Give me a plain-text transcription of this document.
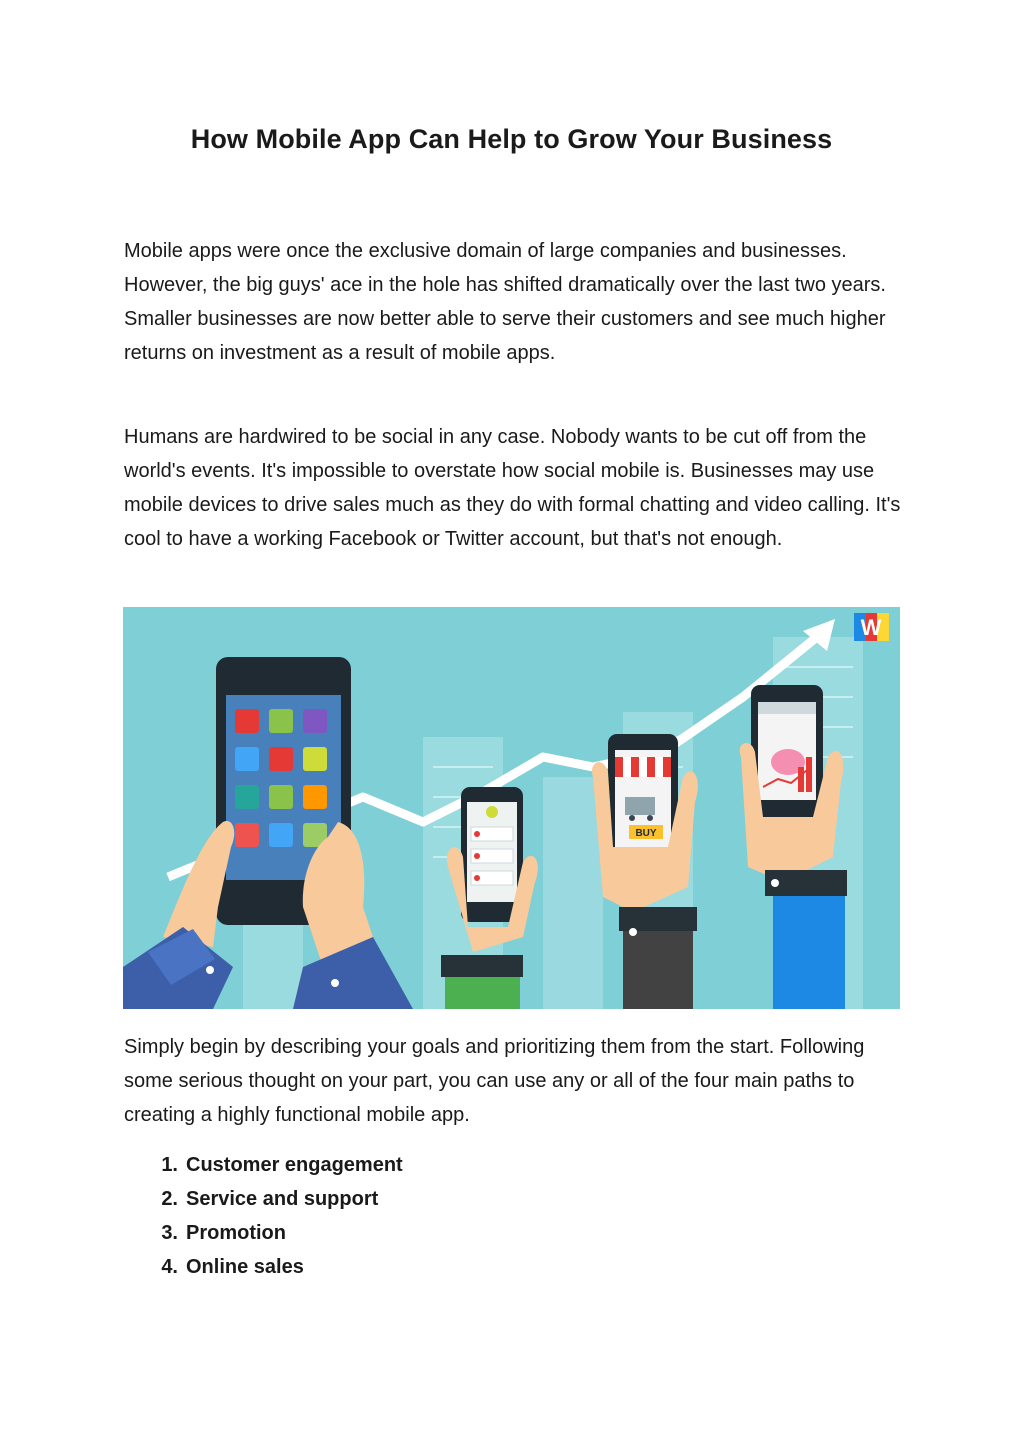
How Mobile App Can Help to Grow Your Business

Mobile apps were once the exclusive domain of large companies and businesses. However, the big guys' ace in the hole has shifted dramatically over the last two years. Smaller businesses are now better able to serve their customers and see much higher returns on investment as a result of mobile apps.

Humans are hardwired to be social in any case. Nobody wants to be cut off from the world's events. It's impossible to overstate how social mobile is. Businesses may use mobile devices to drive sales much as they do with formal chatting and video calling. It's cool to have a working Facebook or Twitter account, but that's not enough.

W
BUY

Simply begin by describing your goals and prioritizing them from the start. Following some serious thought on your part, you can use any or all of the four main paths to creating a highly functional mobile app.

1. Customer engagement
2. Service and support
3. Promotion
4. Online sales
